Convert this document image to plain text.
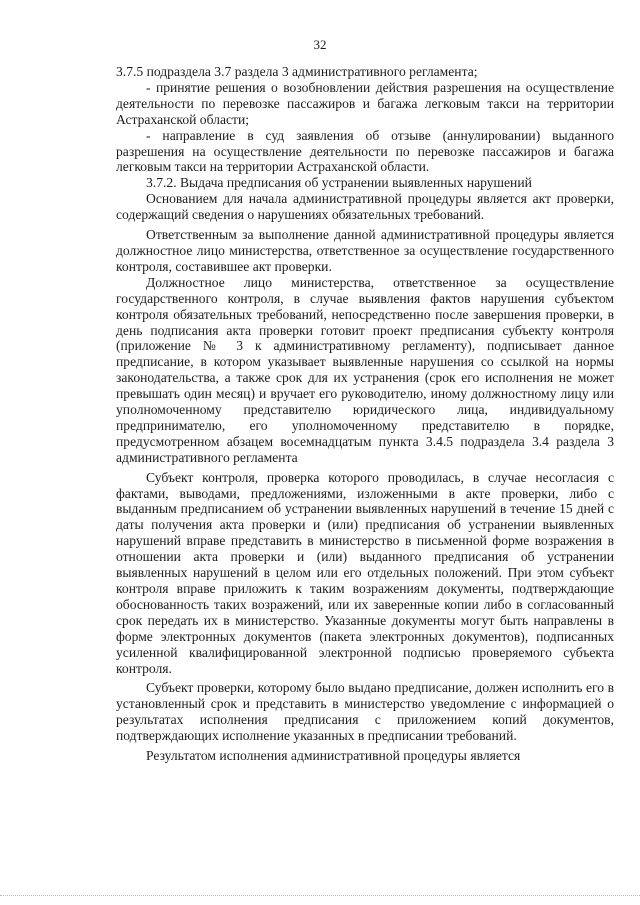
32

3.7.5 подраздела 3.7 раздела 3 административного регламента;

- принятие решения о возобновлении действия разрешения на осуществление деятельности по перевозке пассажиров и багажа легковым такси на территории Астраханской области;

- направление в суд заявления об отзыве (аннулировании) выданного разрешения на осуществление деятельности по перевозке пассажиров и багажа легковым такси на территории Астраханской области.

3.7.2. Выдача предписания об устранении выявленных нарушений

Основанием для начала административной процедуры является акт проверки, содержащий сведения о нарушениях обязательных требований.

Ответственным за выполнение данной административной процедуры является должностное лицо министерства, ответственное за осуществление государственного контроля, составившее акт проверки.

Должностное лицо министерства, ответственное за осуществление государственного контроля, в случае выявления фактов нарушения субъектом контроля обязательных требований, непосредственно после завершения проверки, в день подписания акта проверки готовит проект предписания субъекту контроля (приложение № 3 к административному регламенту), подписывает данное предписание, в котором указывает выявленные нарушения со ссылкой на нормы законодательства, а также срок для их устранения (срок его исполнения не может превышать один месяц) и вручает его руководителю, иному должностному лицу или уполномоченному представителю юридического лица, индивидуальному предпринимателю, его уполномоченному представителю в порядке, предусмотренном абзацем восемнадцатым пункта 3.4.5 подраздела 3.4 раздела 3 административного регламента

Субъект контроля, проверка которого проводилась, в случае несогласия с фактами, выводами, предложениями, изложенными в акте проверки, либо с выданным предписанием об устранении выявленных нарушений в течение 15 дней с даты получения акта проверки и (или) предписания об устранении выявленных нарушений вправе представить в министерство в письменной форме возражения в отношении акта проверки и (или) выданного предписания об устранении выявленных нарушений в целом или его отдельных положений. При этом субъект контроля вправе приложить к таким возражениям документы, подтверждающие обоснованность таких возражений, или их заверенные копии либо в согласованный срок передать их в министерство. Указанные документы могут быть направлены в форме электронных документов (пакета электронных документов), подписанных усиленной квалифицированной электронной подписью проверяемого субъекта контроля.

Субъект проверки, которому было выдано предписание, должен исполнить его в установленный срок и представить в министерство уведомление с информацией о результатах исполнения предписания с приложением копий документов, подтверждающих исполнение указанных в предписании требований.

Результатом исполнения административной процедуры является
